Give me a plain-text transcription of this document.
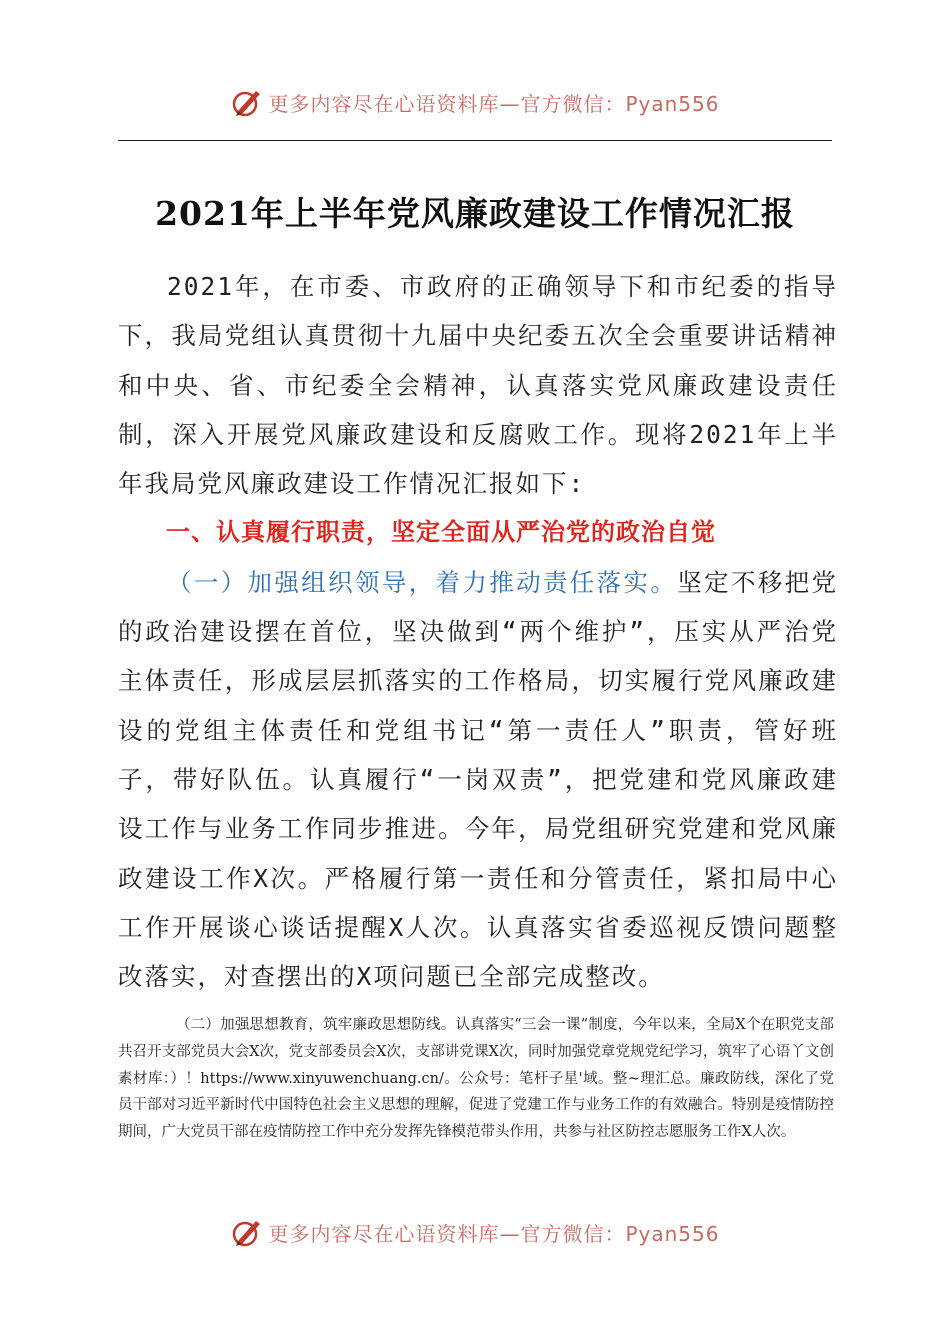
更多内容尽在心语资料库—官方微信：Pyan556
2021年上半年党风廉政建设工作情况汇报

2021年，在市委、市政府的正确领导下和市纪委的指导下，我局党组认真贯彻十九届中央纪委五次全会重要讲话精神和中央、省、市纪委全会精神，认真落实党风廉政建设责任制，深入开展党风廉政建设和反腐败工作。现将2021年上半年我局党风廉政建设工作情况汇报如下:

一、认真履行职责，坚定全面从严治党的政治自觉

（一）加强组织领导，着力推动责任落实。坚定不移把党的政治建设摆在首位，坚决做到“两个维护”，压实从严治党主体责任，形成层层抓落实的工作格局，切实履行党风廉政建设的党组主体责任和党组书记“第一责任人”职责，管好班子，带好队伍。认真履行“一岗双责”，把党建和党风廉政建设工作与业务工作同步推进。今年，局党组研究党建和党风廉政建设工作X次。严格履行第一责任和分管责任，紧扣局中心工作开展谈心谈话提醒X人次。认真落实省委巡视反馈问题整改落实，对查摆出的X项问题已全部完成整改。

（二）加强思想教育，筑牢廉政思想防线。认真落实“三会一课”制度，今年以来，全局X个在职党支部共召开支部党员大会X次，党支部委员会X次，支部讲党课X次，同时加强党章党规党纪学习，筑牢了心语丫文创素材库：）！https://www.xinyuwenchuang.cn/。公众号：笔杆子星'域。整~理汇总。廉政防线，深化了党员干部对习近平新时代中国特色社会主义思想的理解，促进了党建工作与业务工作的有效融合。特别是疫情防控期间，广大党员干部在疫情防控工作中充分发挥先锋模范带头作用，共参与社区防控志愿服务工作X人次。
更多内容尽在心语资料库—官方微信：Pyan556
